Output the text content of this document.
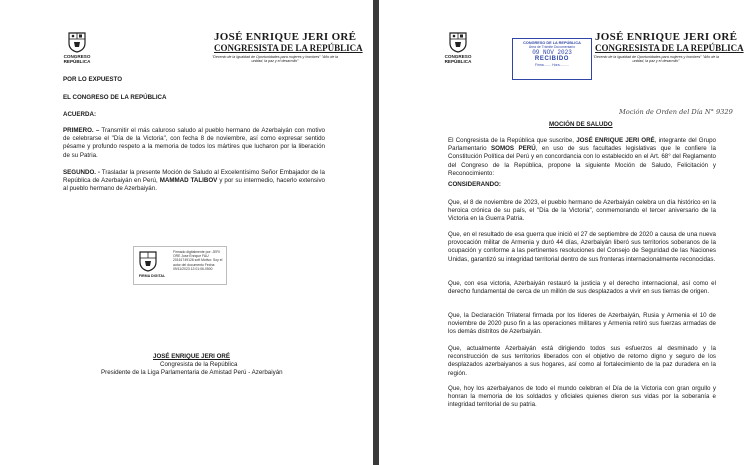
CONGRESO
REPÚBLICA
JOSÉ ENRIQUE JERI ORÉ
CONGRESISTA DE LA REPÚBLICA
"Decenio de la Igualdad de Oportunidades para mujeres y hombres" "Año de la unidad, la paz y el desarrollo"
POR LO EXPUESTO
EL CONGRESO DE LA REPÚBLICA
ACUERDA:
PRIMERO. – Transmitir el más caluroso saludo al pueblo hermano de Azerbaiyán con motivo de celebrarse el "Día de la Victoria", con fecha 8 de noviembre, así como expresar sentido pésame y profundo respeto a la memoria de todos los mártires que lucharon por la liberación de su Patria.
SEGUNDO. - Trasladar la presente Moción de Saludo al Excelentísimo Señor Embajador de la República de Azerbaiyán en Perú, MAMMAD TALIBOV y por su intermedio, hacerlo extensivo al pueblo hermano de Azerbaiyán.
FIRMA DIGITAL
Firmado digitalmente por: JERI ORE Jose Enrique FAU 20161749126 soft Motivo: Soy el autor del documento Fecha: 09/11/2023 12:01:06-0500
JOSÉ ENRIQUE JERI ORÉ
Congresista de la República
Presidente de la Liga Parlamentaria de Amistad Perú - Azerbaiyán
CONGRESO
REPÚBLICA
JOSÉ ENRIQUE JERI ORÉ
CONGRESISTA DE LA REPÚBLICA
"Decenio de la Igualdad de Oportunidades para mujeres y hombres" "Año de la unidad, la paz y el desarrollo"
CONGRESO DE LA REPÚBLICA
Área de Trámite Documentario
09 NOV 2023
RECIBIDO
Firma........ Hora..........
Moción de Orden del Día N° 9329
MOCIÓN DE SALUDO
El Congresista de la República que suscribe, JOSÉ ENRIQUE JERI ORÉ, integrante del Grupo Parlamentario SOMOS PERÚ, en uso de sus facultades legislativas que le confiere la Constitución Política del Perú y en concordancia con lo establecido en el Art. 68° del Reglamento del Congreso de la República, propone la siguiente Moción de Saludo, Felicitación y Reconocimiento:
CONSIDERANDO:
Que, el 8 de noviembre de 2023, el pueblo hermano de Azerbaiyán celebra un día histórico en la heroica crónica de su país, el "Día de la Victoria", conmemorando el tercer aniversario de la Victoria en la Guerra Patria.
Que, en el resultado de esa guerra que inició el 27 de septiembre de 2020 a causa de una nueva provocación militar de Armenia y duró 44 días, Azerbaiyán liberó sus territorios soberanos de la ocupación y conforme a las pertinentes resoluciones del Consejo de Seguridad de las Naciones Unidas, garantizó su integridad territorial dentro de sus fronteras internacionalmente reconocidas.
Que, con esa victoria, Azerbaiyán restauró la justicia y el derecho internacional, así como el derecho fundamental de cerca de un millón de sus desplazados a vivir en sus tierras de origen.
Que, la Declaración Trilateral firmada por los líderes de Azerbaiyán, Rusia y Armenia el 10 de noviembre de 2020 puso fin a las operaciones militares y Armenia retiró sus fuerzas armadas de los demás distritos de Azerbaiyán.
Que, actualmente Azerbaiyán está dirigiendo todos sus esfuerzos al desminado y la reconstrucción de sus territorios liberados con el objetivo de retorno digno y seguro de los desplazados azerbaiyanos a sus hogares, así como al fortalecimiento de la paz duradera en la región.
Que, hoy los azerbaiyanos de todo el mundo celebran el Día de la Victoria con gran orgullo y honran la memoria de los soldados y oficiales quienes dieron sus vidas por la soberanía e integridad territorial de su patria.
